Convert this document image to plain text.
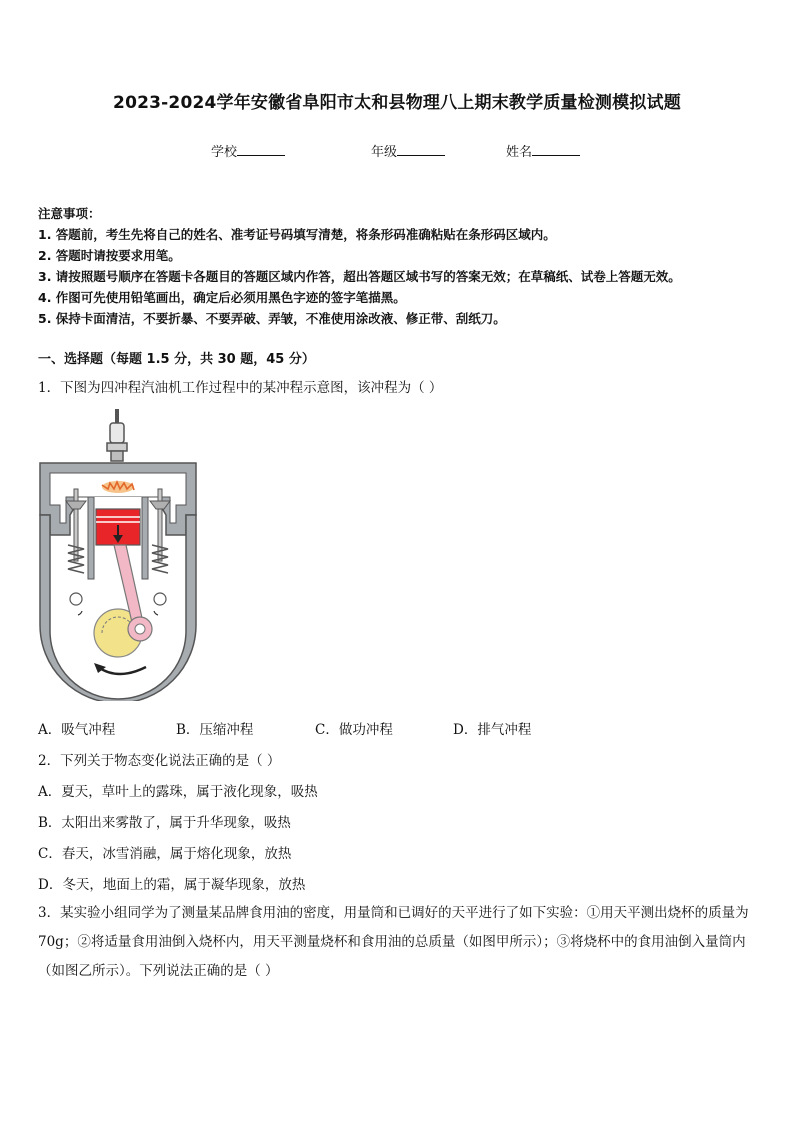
2023-2024学年安徽省阜阳市太和县物理八上期末教学质量检测模拟试题
学校	年级	姓名
注意事项：
1. 答题前，考生先将自己的姓名、准考证号码填写清楚，将条形码准确粘贴在条形码区域内。
2. 答题时请按要求用笔。
3. 请按照题号顺序在答题卡各题目的答题区域内作答，超出答题区域书写的答案无效；在草稿纸、试卷上答题无效。
4. 作图可先使用铅笔画出，确定后必须用黑色字迹的签字笔描黑。
5. 保持卡面清洁，不要折暴、不要弄破、弄皱，不准使用涂改液、修正带、刮纸刀。
一、选择题（每题 1.5 分，共 30 题，45 分）
1．下图为四冲程汽油机工作过程中的某冲程示意图，该冲程为（ ）
A．吸气冲程	B．压缩冲程	C．做功冲程	D．排气冲程
2．下列关于物态变化说法正确的是（ ）
A．夏天，草叶上的露珠，属于液化现象，吸热
B．太阳出来雾散了，属于升华现象，吸热
C．春天，冰雪消融，属于熔化现象，放热
D．冬天，地面上的霜，属于凝华现象，放热
3．某实验小组同学为了测量某品牌食用油的密度，用量筒和已调好的天平进行了如下实验：①用天平测出烧杯的质量为70g；②将适量食用油倒入烧杯内，用天平测量烧杯和食用油的总质量（如图甲所示）；③将烧杯中的食用油倒入量筒内（如图乙所示）。下列说法正确的是（ ）
